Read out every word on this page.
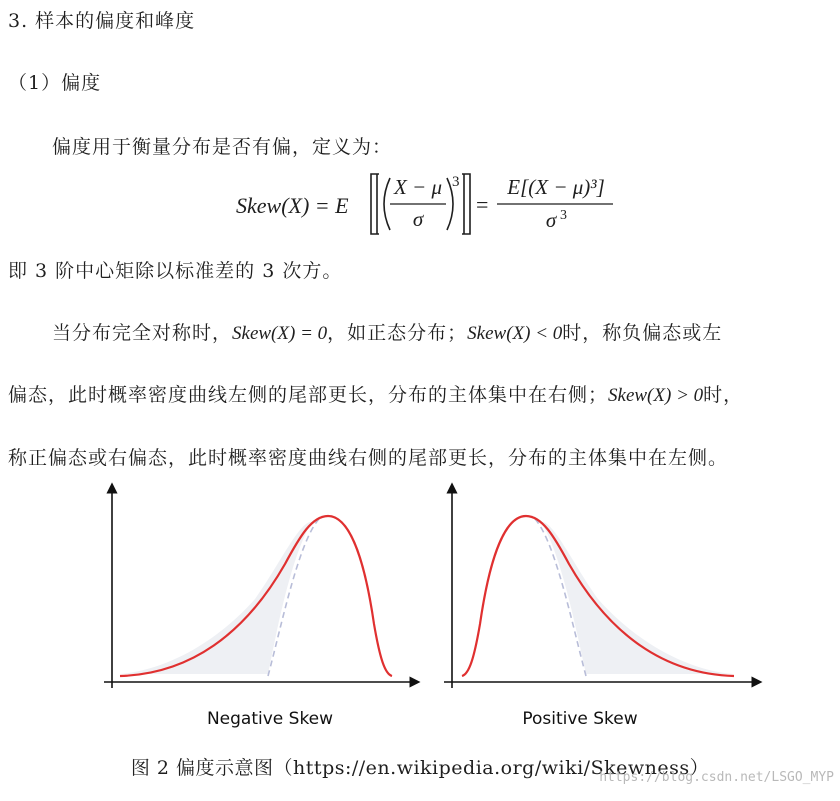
3. 样本的偏度和峰度
（1）偏度
偏度用于衡量分布是否有偏，定义为：
Skew(X) = E
X − μ
σ
3
=
E[(X − μ)³]
σ 3
即 3 阶中心矩除以标准差的 3 次方。
当分布完全对称时，Skew(X) = 0，如正态分布；Skew(X) < 0时，称负偏态或左
偏态，此时概率密度曲线左侧的尾部更长，分布的主体集中在右侧；Skew(X) > 0时，
称正偏态或右偏态，此时概率密度曲线右侧的尾部更长，分布的主体集中在左侧。
Negative Skew	Positive Skew
图 2 偏度示意图（https://en.wikipedia.org/wiki/Skewness）
https://blog.csdn.net/LSGO_MYP
